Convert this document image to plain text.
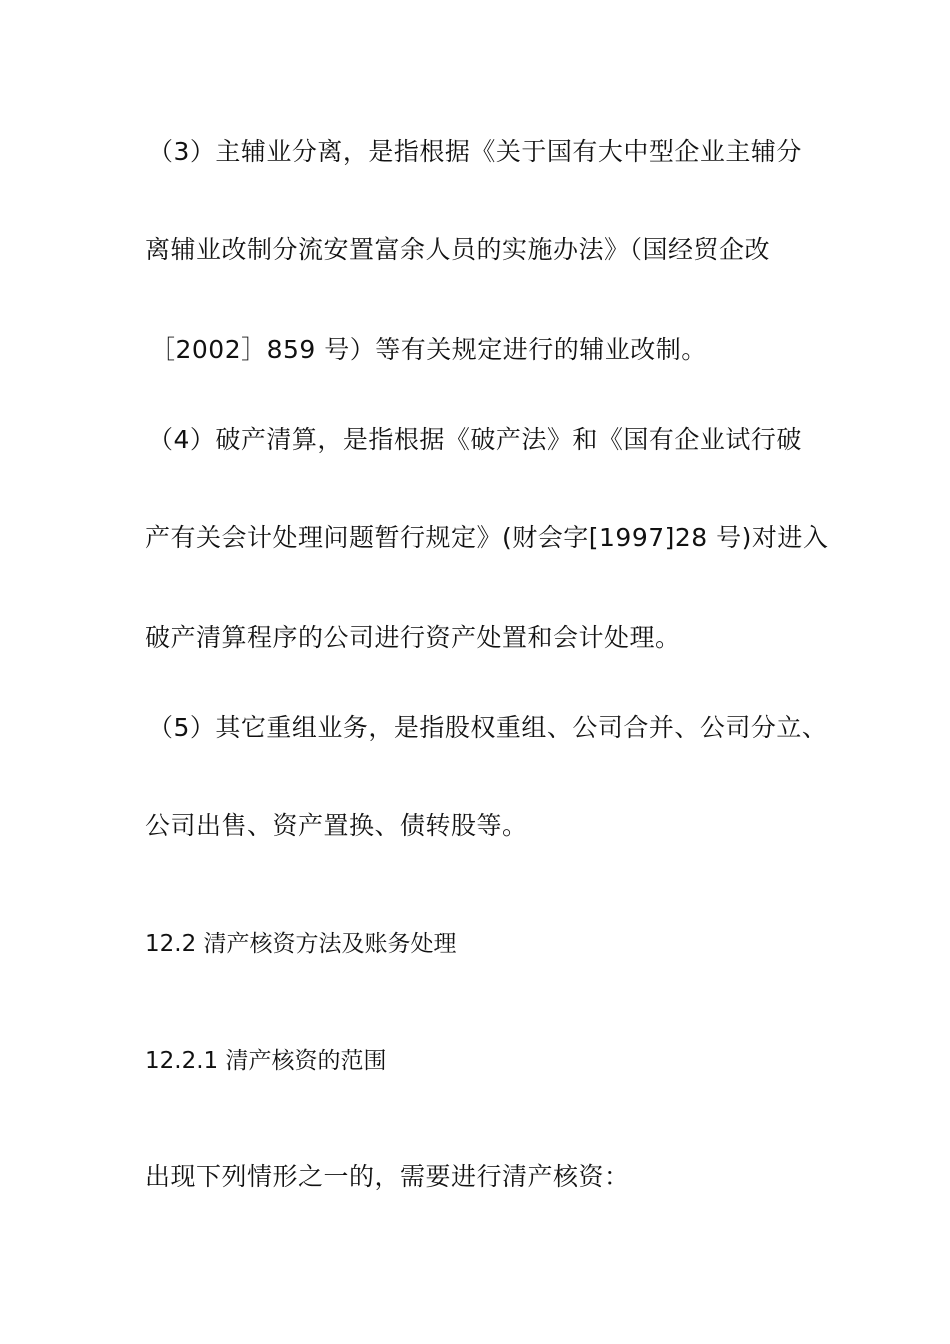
（3）主辅业分离，是指根据《关于国有大中型企业主辅分
离辅业改制分流安置富余人员的实施办法》（国经贸企改
［2002］859 号）等有关规定进行的辅业改制。
（4）破产清算，是指根据《破产法》和《国有企业试行破
产有关会计处理问题暂行规定》(财会字[1997]28 号)对进入
破产清算程序的公司进行资产处置和会计处理。
（5）其它重组业务，是指股权重组、公司合并、公司分立、
公司出售、资产置换、债转股等。
12.2 清产核资方法及账务处理
12.2.1 清产核资的范围
出现下列情形之一的，需要进行清产核资：
